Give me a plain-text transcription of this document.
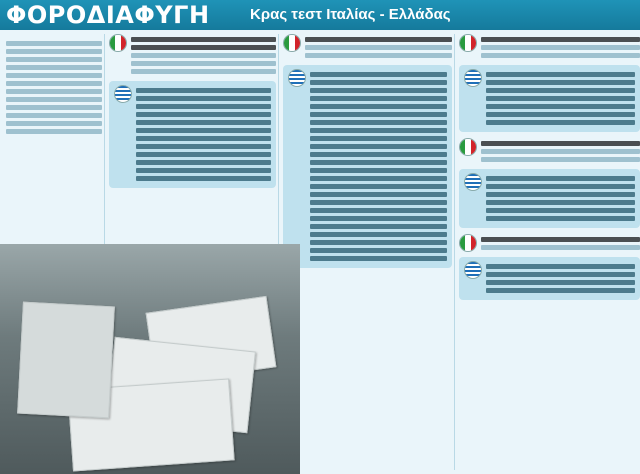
ΦΟΡΟΔΙΑΦΥΓΗ	Κρας τεστ Ιταλίας - Ελλάδας
